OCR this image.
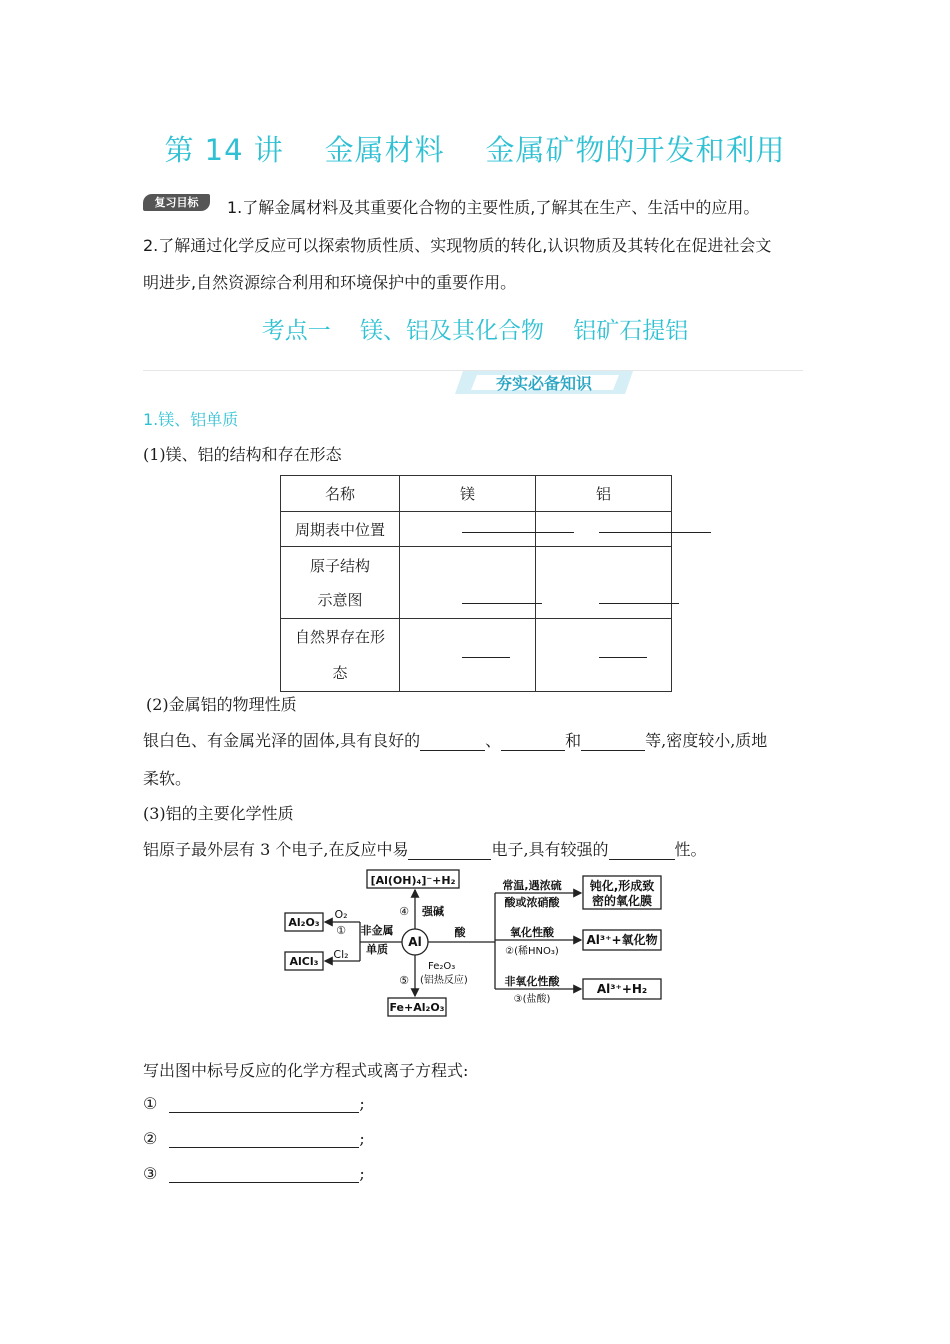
第 14 讲    金属材料    金属矿物的开发和利用
复习目标	1.了解金属材料及其重要化合物的主要性质,了解其在生产、生活中的应用。
2.了解通过化学反应可以探索物质性质、实现物质的转化,认识物质及其转化在促进社会文
明进步,自然资源综合利用和环境保护中的重要作用。
考点一    镁、铝及其化合物    铝矿石提铝
夯实必备知识
1.镁、铝单质
(1)镁、铝的结构和存在形态
名称	镁	铝
周期表中位置		
原子结构
示意图		
自然界存在形
态		
(2)金属铝的物理性质
银白色、有金属光泽的固体,具有良好的	、	和	等,密度较小,质地
柔软。
(3)铝的主要化学性质
铝原子最外层有 3 个电子,在反应中易	电子,具有较强的	性。
Al
[Al(OH)₄]⁻+H₂
④ 强碱
Al₂O₃
AlCl₃
O₂
①
Cl₂
非金属
单质
Fe₂O₃
⑤ (铝热反应)
Fe+Al₂O₃
酸
常温,遇浓硫
酸或浓硝酸
钝化,形成致
密的氧化膜
氧化性酸
②(稀HNO₃)
Al³⁺+氧化物
非氧化性酸
③(盐酸)
Al³⁺+H₂
写出图中标号反应的化学方程式或离子方程式:
①	;
②	;
③	;
